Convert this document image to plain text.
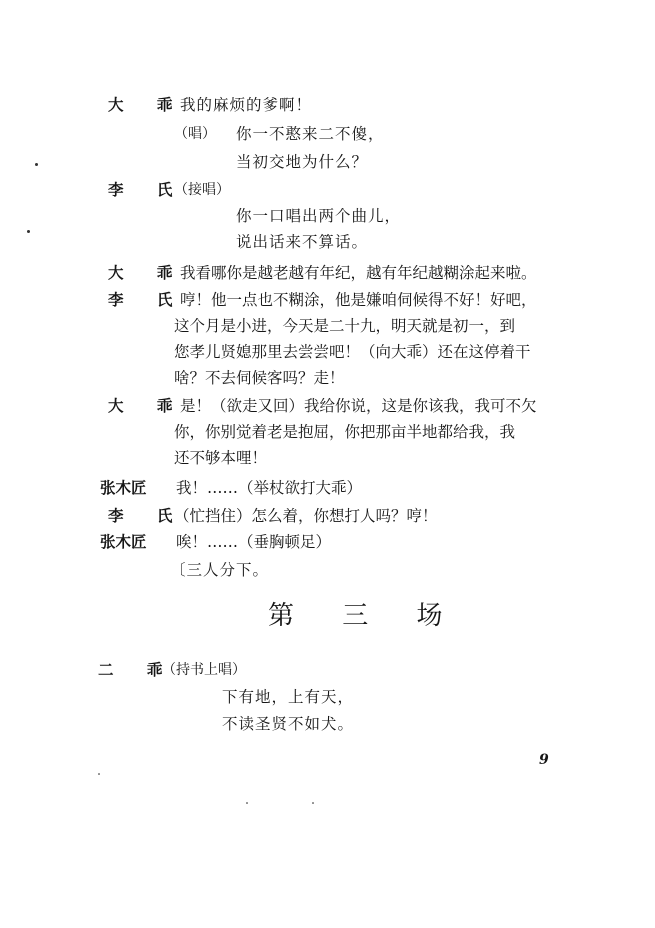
大 乖
我的麻烦的爹啊！
（唱） 你一不憨来二不傻，
当初交地为什么？
李 氏
（接唱）
你一口唱出两个曲儿，
说出话来不算话。
大 乖
我看哪你是越老越有年纪，越有年纪越糊涂起来啦。
李 氏
哼！他一点也不糊涂，他是嫌咱伺候得不好！好吧，
这个月是小进，今天是二十九，明天就是初一，到
您孝儿贤媳那里去尝尝吧！（向大乖）还在这停着干
啥？不去伺候客吗？走！
大 乖
是！（欲走又回）我给你说，这是你该我，我可不欠
你，你别觉着老是抱屈，你把那亩半地都给我，我
还不够本哩！
张木匠 我！……（举杖欲打大乖）
李 氏
（忙挡住）怎么着，你想打人吗？哼！
张木匠 唉！……（垂胸顿足）
〔三人分下。
第 三 场
二 乖
（持书上唱）
下有地，上有天，
不读圣贤不如犬。
9
